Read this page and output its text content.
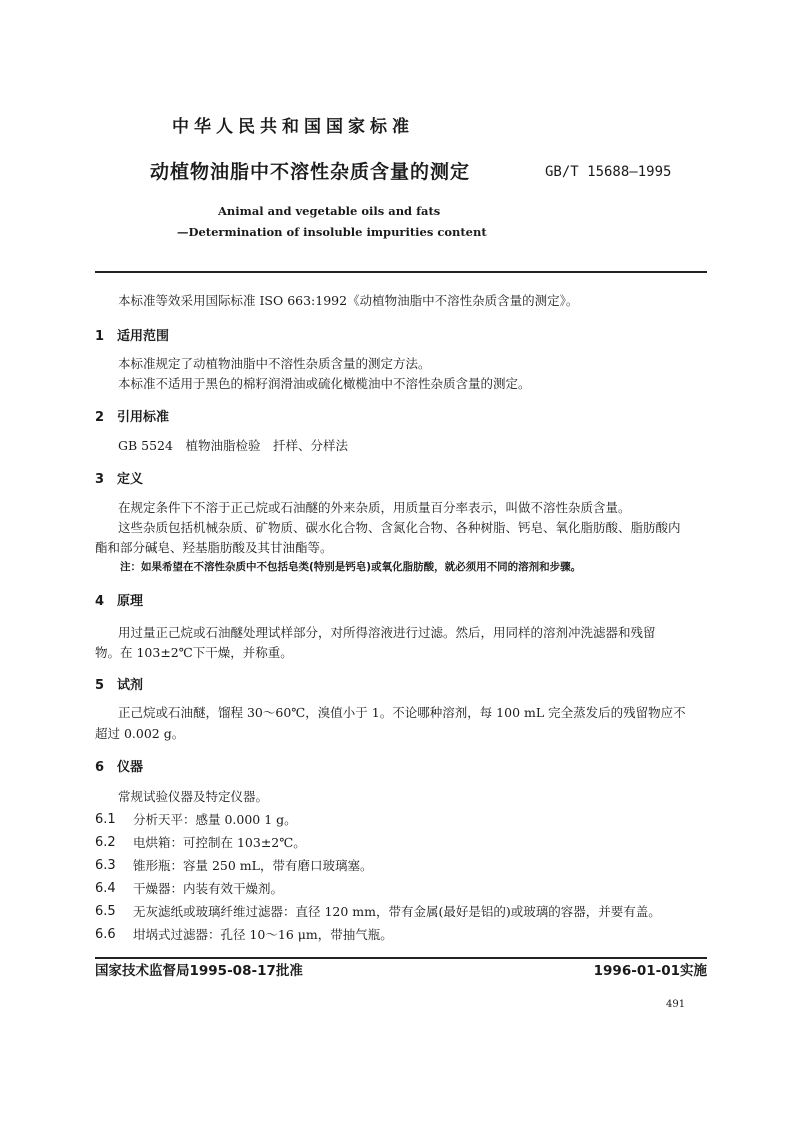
中华人民共和国国家标准
动植物油脂中不溶性杂质含量的测定	GB/T 15688—1995
Animal and vegetable oils and fats
—Determination of insoluble impurities content
本标准等效采用国际标准 ISO 663:1992《动植物油脂中不溶性杂质含量的测定》。
1 适用范围
本标准规定了动植物油脂中不溶性杂质含量的测定方法。
本标准不适用于黑色的棉籽润滑油或硫化橄榄油中不溶性杂质含量的测定。
2 引用标准
GB 5524　植物油脂检验　扦样、分样法
3 定义
在规定条件下不溶于正己烷或石油醚的外来杂质，用质量百分率表示，叫做不溶性杂质含量。
这些杂质包括机械杂质、矿物质、碳水化合物、含氮化合物、各种树脂、钙皂、氧化脂肪酸、脂肪酸内
酯和部分碱皂、羟基脂肪酸及其甘油酯等。
注：如果希望在不溶性杂质中不包括皂类(特别是钙皂)或氧化脂肪酸，就必须用不同的溶剂和步骤。
4 原理
用过量正己烷或石油醚处理试样部分，对所得溶液进行过滤。然后，用同样的溶剂冲洗滤器和残留
物。在 103±2℃下干燥，并称重。
5 试剂
正己烷或石油醚，馏程 30～60℃，溴值小于 1。不论哪种溶剂，每 100 mL 完全蒸发后的残留物应不
超过 0.002 g。
6 仪器
常规试验仪器及特定仪器。
6.1 分析天平：感量 0.000 1 g。
6.2 电烘箱：可控制在 103±2℃。
6.3 锥形瓶：容量 250 mL，带有磨口玻璃塞。
6.4 干燥器：内装有效干燥剂。
6.5 无灰滤纸或玻璃纤维过滤器：直径 120 mm，带有金属(最好是铝的)或玻璃的容器，并要有盖。
6.6 坩埚式过滤器：孔径 10～16 μm，带抽气瓶。
国家技术监督局1995-08-17批准	1996-01-01实施
491
